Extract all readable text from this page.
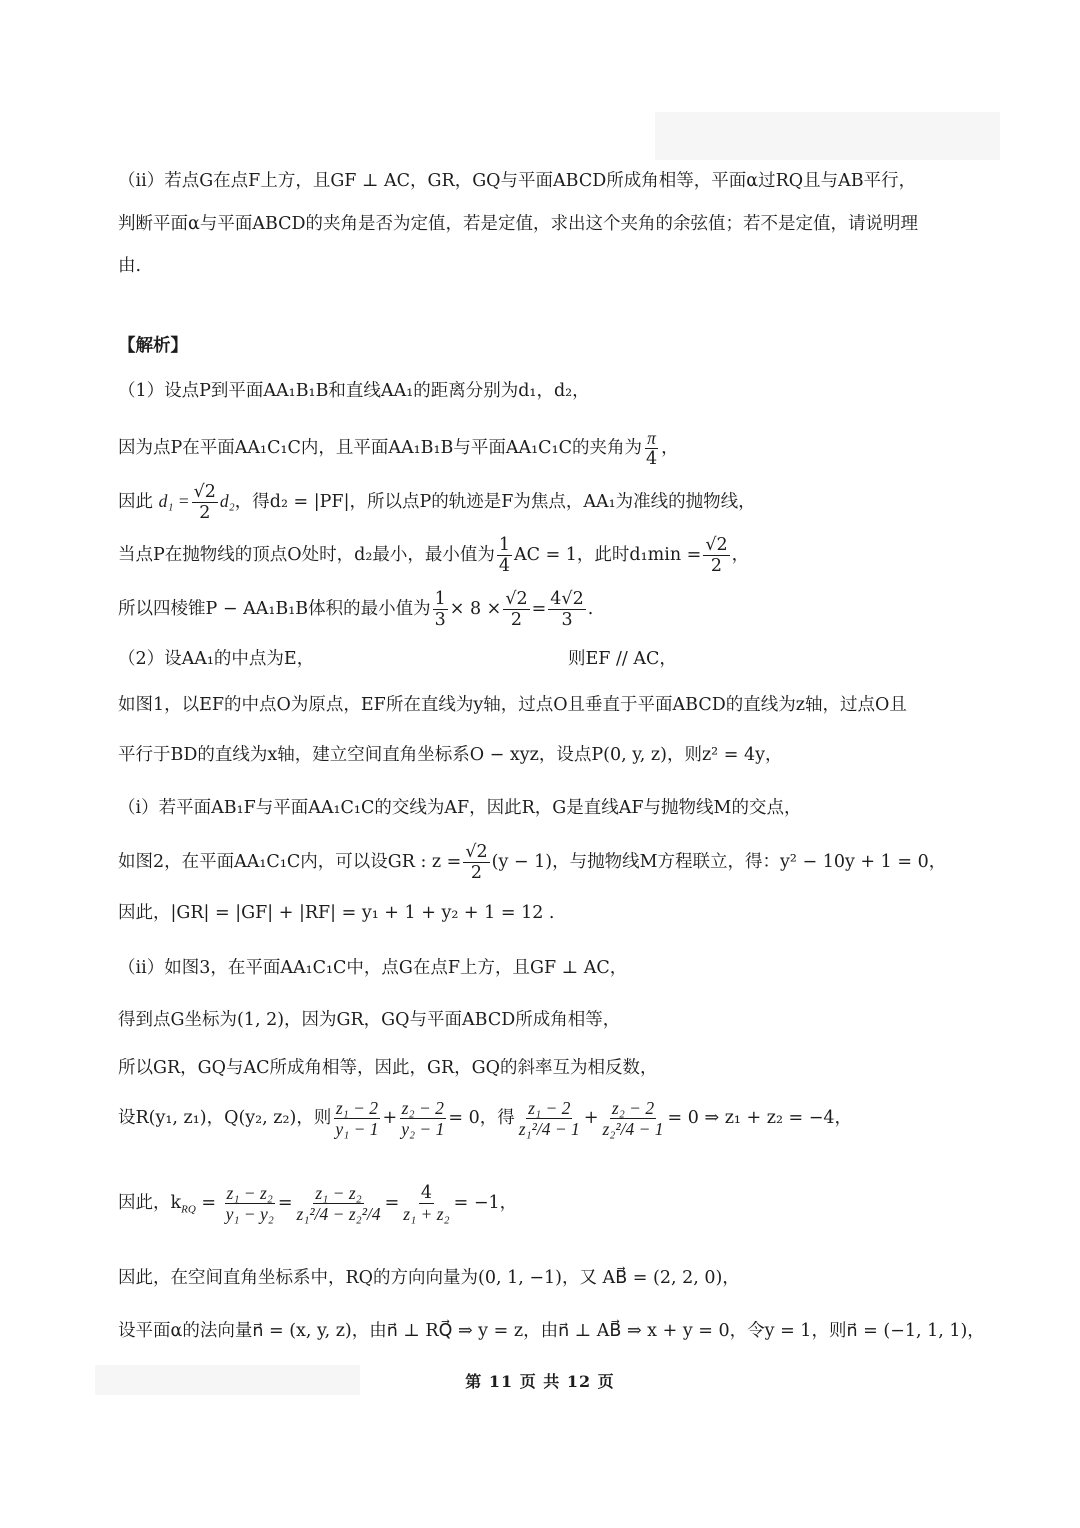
（ii）若点G在点F上方，且GF ⊥ AC，GR，GQ与平面ABCD所成角相等，平面α过RQ且与AB平行，
判断平面α与平面ABCD的夹角是否为定值，若是定值，求出这个夹角的余弦值；若不是定值，请说明理
由.
【解析】
（1）设点P到平面AA₁B₁B和直线AA₁的距离分别为d₁，d₂，
因为点P在平面AA₁C₁C内，且平面AA₁B₁B与平面AA₁C₁C的夹角为 $\frac{\pi}{4}$ ，
因此 $d_1 = \frac{√2}{2} d_2$，得d₂ = |PF|，所以点P的轨迹是F为焦点，AA₁为准线的抛物线，
当点P在抛物线的顶点O处时，d₂最小，最小值为 $\frac{1}{4}$ AC = 1，此时$d_1\min = \frac{√2}{2}$ ，
所以四棱锥P − AA₁B₁B体积的最小值为 $\frac{1}{3} \times 8 \times \frac{√2}{2} = \frac{4√2}{3}$ .
（2）设AA₁的中点为E，	则EF // AC，
如图1，以EF的中点O为原点，EF所在直线为y轴，过点O且垂直于平面ABCD的直线为z轴，过点O且
平行于BD的直线为x轴，建立空间直角坐标系O − xyz，设点P(0, y, z)，则z² = 4y，
（i）若平面AB₁F与平面AA₁C₁C的交线为AF，因此R，G是直线AF与抛物线M的交点，
如图2，在平面AA₁C₁C内，可以设GR : $z = \frac{√2}{2} (y - 1)$，与抛物线M方程联立，得：y² − 10y + 1 = 0，
因此，|GR| = |GF| + |RF| = y₁ + 1 + y₂ + 1 = 12 .
（ii）如图3，在平面AA₁C₁C中，点G在点F上方，且GF ⊥ AC，
得到点G坐标为(1, 2)，因为GR，GQ与平面ABCD所成角相等，
所以GR，GQ与AC所成角相等，因此，GR，GQ的斜率互为相反数，
设R(y₁, z₁)，Q(y₂, z₂)，则 $\frac{\text{z₁ − 2}}{\text{y₁ − 1}} + \frac{\text{z₂ − 2}}{\text{y₂ − 1}} = 0$，得 $\frac{\text{z₁ − 2}}{\text{z₁²/4 − 1}} + \frac{\text{z₂ − 2}}{\text{z₂²/4 − 1}} = 0$ ⇒ z₁ + z₂ = −4，
因此，$k_{RQ} = \frac{\text{z₁ − z₂}}{\text{y₁ − y₂}} = \frac{\text{z₁ − z₂}}{\text{z₁²/4 − z₂²/4}} = \frac{4}{\text{z₁ + z₂}} = -1$，
因此，在空间直角坐标系中，RQ的方向向量为(0, 1, −1)，又 AB⃗ = (2, 2, 0)，
设平面α的法向量n⃗ = (x, y, z)，由n⃗ ⊥ RQ⃗ ⇒ y = z，由n⃗ ⊥ AB⃗ ⇒ x + y = 0，令y = 1，则n⃗ = (−1, 1, 1)，
第 11 页 共 12 页
